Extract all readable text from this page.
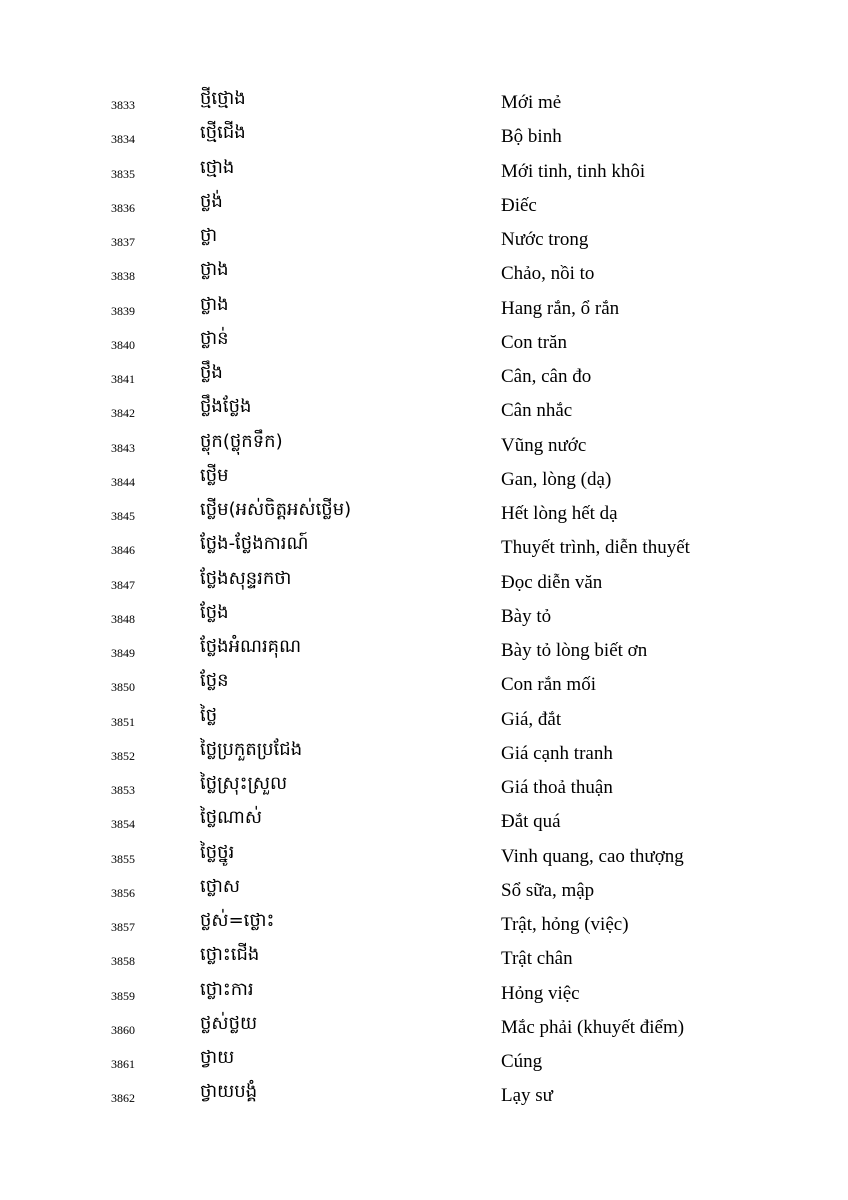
3833	ថ្មីថ្មោង	Mới mẻ
3834	ថ្មើជើង	Bộ binh
3835	ថ្មោង	Mới tinh, tinh khôi
3836	ថ្លង់	Điếc
3837	ថ្លា	Nước trong
3838	ថ្លាង	Chảo, nồi to
3839	ថ្លាង	Hang rắn, ổ rắn
3840	ថ្លាន់	Con trăn
3841	ថ្លឹង	Cân, cân đo
3842	ថ្លឹងថ្លែង	Cân nhắc
3843	ថ្លុក(ថ្លុកទឹក)	Vũng nước
3844	ថ្លើម	Gan, lòng (dạ)
3845	ថ្លើម(អស់ចិត្តអស់ថ្លើម)	Hết lòng hết dạ
3846	ថ្លែង-ថ្លែងការណ៍	Thuyết trình, diễn thuyết
3847	ថ្លែងសុន្ទរកថា	Đọc diễn văn
3848	ថ្លែង	Bày tỏ
3849	ថ្លែងអំណរគុណ	Bày tỏ lòng biết ơn
3850	ថ្លែន	Con rắn mối
3851	ថ្លៃ	Giá, đắt
3852	ថ្លៃប្រកួតប្រជែង	Giá cạnh tranh
3853	ថ្លៃស្រុះស្រួល	Giá thoả thuận
3854	ថ្លៃណាស់	Đắt quá
3855	ថ្លៃថ្នូរ	Vinh quang, cao thượng
3856	ថ្លោស	Sổ sữa, mập
3857	ថ្លស់=ថ្លោះ	Trật, hỏng (việc)
3858	ថ្លោះជើង	Trật chân
3859	ថ្លោះការ	Hỏng việc
3860	ថ្លស់ថ្លយ	Mắc phải (khuyết điểm)
3861	ថ្វាយ	Cúng
3862	ថ្វាយបង្គំ	Lạy sư
